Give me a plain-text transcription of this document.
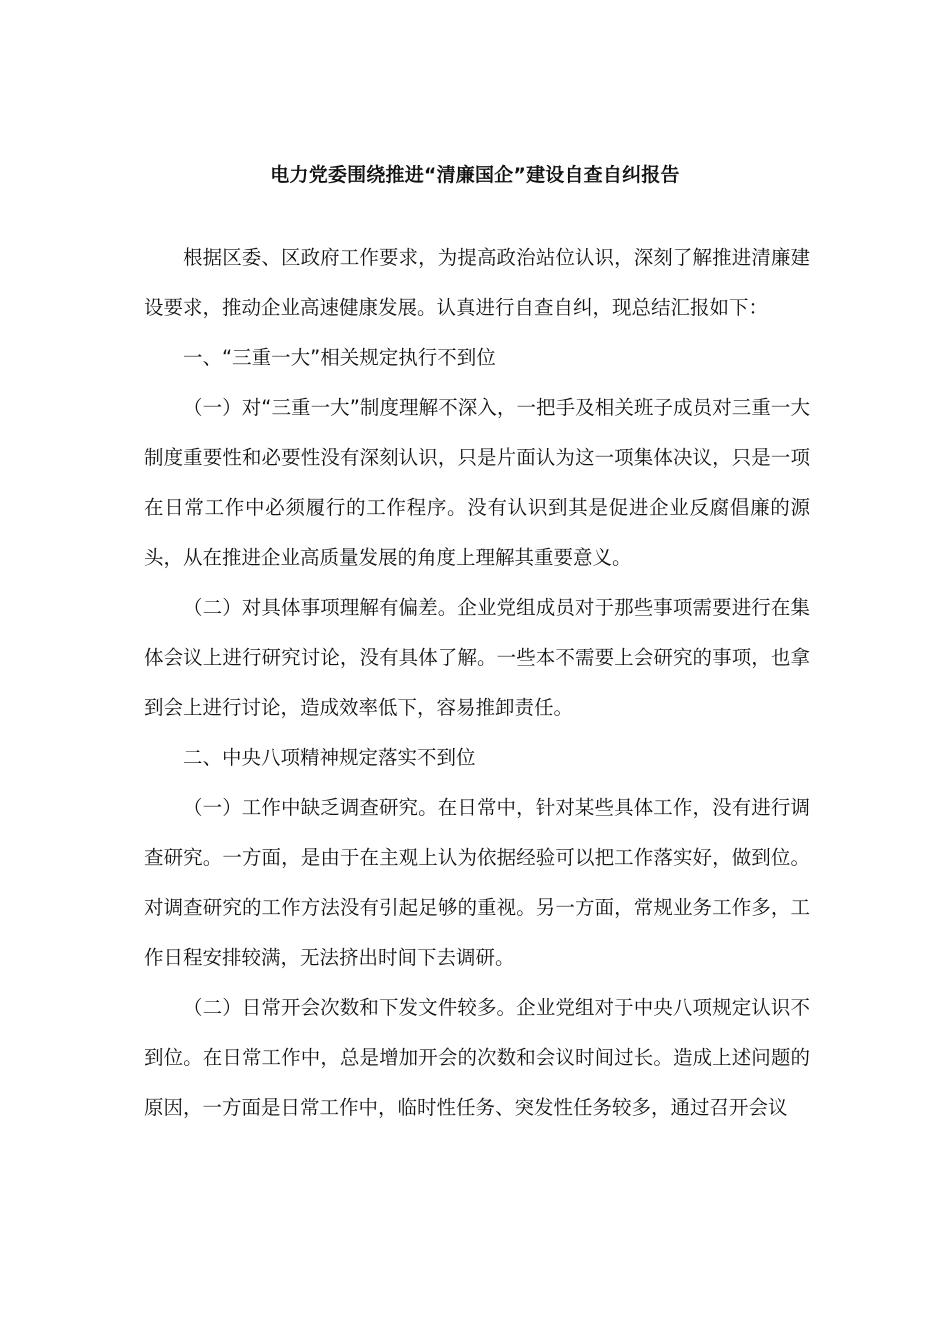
电力党委围绕推进“清廉国企”建设自查自纠报告

根据区委、区政府工作要求，为提高政治站位认识，深刻了解推进清廉建设要求，推动企业高速健康发展。认真进行自查自纠，现总结汇报如下：

一、“三重一大”相关规定执行不到位

（一）对“三重一大”制度理解不深入，一把手及相关班子成员对三重一大制度重要性和必要性没有深刻认识，只是片面认为这一项集体决议，只是一项在日常工作中必须履行的工作程序。没有认识到其是促进企业反腐倡廉的源头，从在推进企业高质量发展的角度上理解其重要意义。

（二）对具体事项理解有偏差。企业党组成员对于那些事项需要进行在集体会议上进行研究讨论，没有具体了解。一些本不需要上会研究的事项，也拿到会上进行讨论，造成效率低下，容易推卸责任。

二、中央八项精神规定落实不到位

（一）工作中缺乏调查研究。在日常中，针对某些具体工作，没有进行调查研究。一方面，是由于在主观上认为依据经验可以把工作落实好，做到位。对调查研究的工作方法没有引起足够的重视。另一方面，常规业务工作多，工作日程安排较满，无法挤出时间下去调研。

（二）日常开会次数和下发文件较多。企业党组对于中央八项规定认识不到位。在日常工作中，总是增加开会的次数和会议时间过长。造成上述问题的原因，一方面是日常工作中，临时性任务、突发性任务较多，通过召开会议
